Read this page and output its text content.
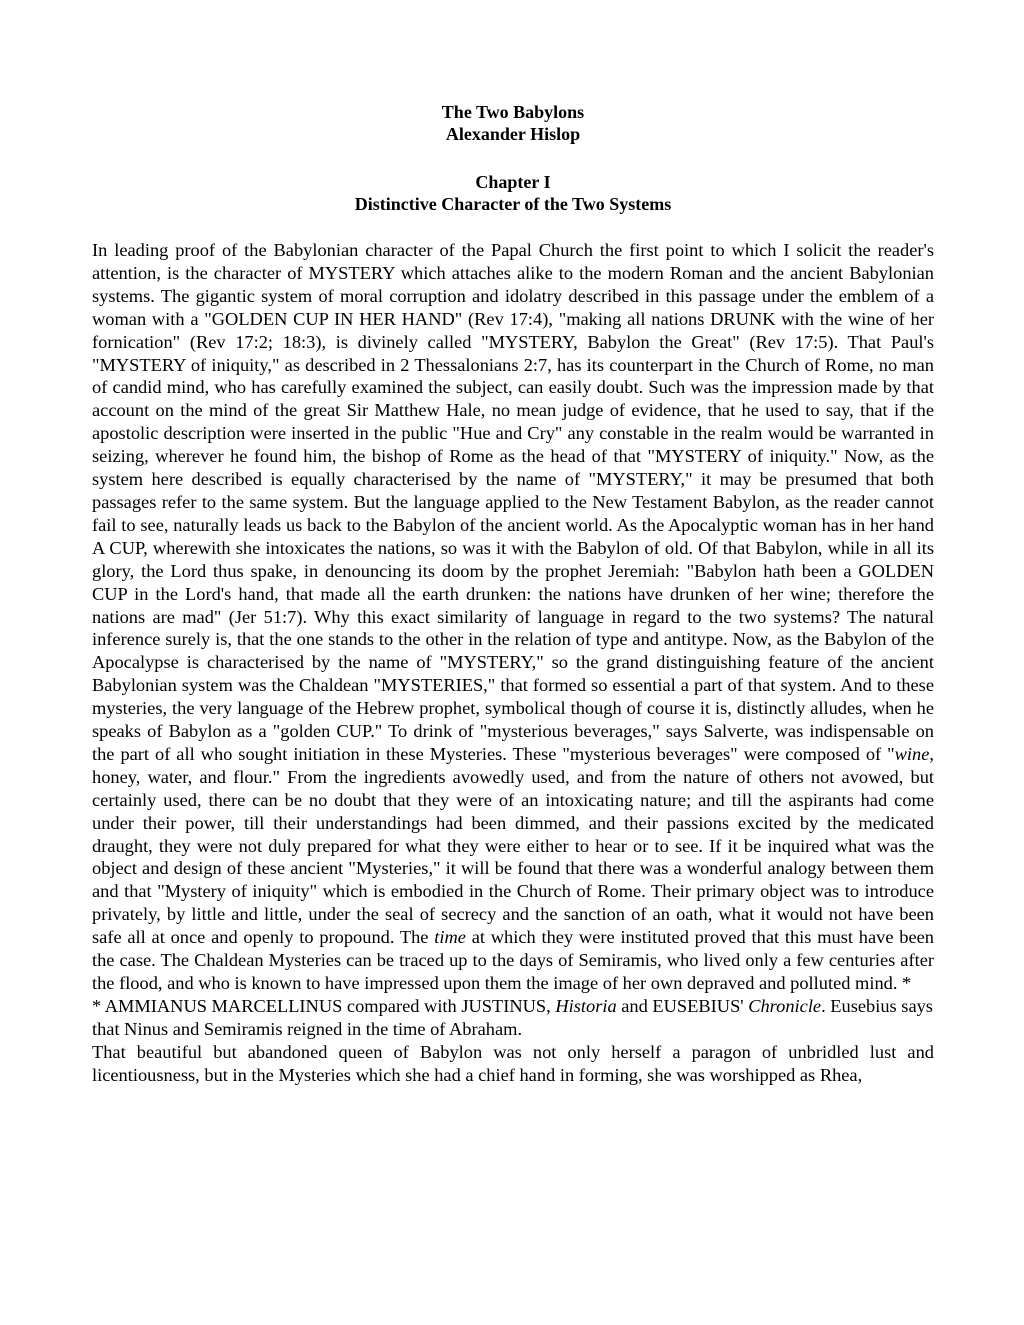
The Two Babylons
Alexander Hislop
Chapter I
Distinctive Character of the Two Systems

In leading proof of the Babylonian character of the Papal Church the first point to which I solicit the reader's attention, is the character of MYSTERY which attaches alike to the modern Roman and the ancient Babylonian systems. The gigantic system of moral corruption and idolatry described in this passage under the emblem of a woman with a "GOLDEN CUP IN HER HAND" (Rev 17:4), "making all nations DRUNK with the wine of her fornication" (Rev 17:2; 18:3), is divinely called "MYSTERY, Babylon the Great" (Rev 17:5). That Paul's "MYSTERY of iniquity," as described in 2 Thessalonians 2:7, has its counterpart in the Church of Rome, no man of candid mind, who has carefully examined the subject, can easily doubt. Such was the impression made by that account on the mind of the great Sir Matthew Hale, no mean judge of evidence, that he used to say, that if the apostolic description were inserted in the public "Hue and Cry" any constable in the realm would be warranted in seizing, wherever he found him, the bishop of Rome as the head of that "MYSTERY of iniquity." Now, as the system here described is equally characterised by the name of "MYSTERY," it may be presumed that both passages refer to the same system. But the language applied to the New Testament Babylon, as the reader cannot fail to see, naturally leads us back to the Babylon of the ancient world. As the Apocalyptic woman has in her hand A CUP, wherewith she intoxicates the nations, so was it with the Babylon of old. Of that Babylon, while in all its glory, the Lord thus spake, in denouncing its doom by the prophet Jeremiah: "Babylon hath been a GOLDEN CUP in the Lord's hand, that made all the earth drunken: the nations have drunken of her wine; therefore the nations are mad" (Jer 51:7). Why this exact similarity of language in regard to the two systems? The natural inference surely is, that the one stands to the other in the relation of type and antitype. Now, as the Babylon of the Apocalypse is characterised by the name of "MYSTERY," so the grand distinguishing feature of the ancient Babylonian system was the Chaldean "MYSTERIES," that formed so essential a part of that system. And to these mysteries, the very language of the Hebrew prophet, symbolical though of course it is, distinctly alludes, when he speaks of Babylon as a "golden CUP." To drink of "mysterious beverages," says Salverte, was indispensable on the part of all who sought initiation in these Mysteries. These "mysterious beverages" were composed of "wine, honey, water, and flour." From the ingredients avowedly used, and from the nature of others not avowed, but certainly used, there can be no doubt that they were of an intoxicating nature; and till the aspirants had come under their power, till their understandings had been dimmed, and their passions excited by the medicated draught, they were not duly prepared for what they were either to hear or to see. If it be inquired what was the object and design of these ancient "Mysteries," it will be found that there was a wonderful analogy between them and that "Mystery of iniquity" which is embodied in the Church of Rome. Their primary object was to introduce privately, by little and little, under the seal of secrecy and the sanction of an oath, what it would not have been safe all at once and openly to propound. The time at which they were instituted proved that this must have been the case. The Chaldean Mysteries can be traced up to the days of Semiramis, who lived only a few centuries after the flood, and who is known to have impressed upon them the image of her own depraved and polluted mind. *

* AMMIANUS MARCELLINUS compared with JUSTINUS, Historia and EUSEBIUS' Chronicle. Eusebius says that Ninus and Semiramis reigned in the time of Abraham.

That beautiful but abandoned queen of Babylon was not only herself a paragon of unbridled lust and licentiousness, but in the Mysteries which she had a chief hand in forming, she was worshipped as Rhea,
